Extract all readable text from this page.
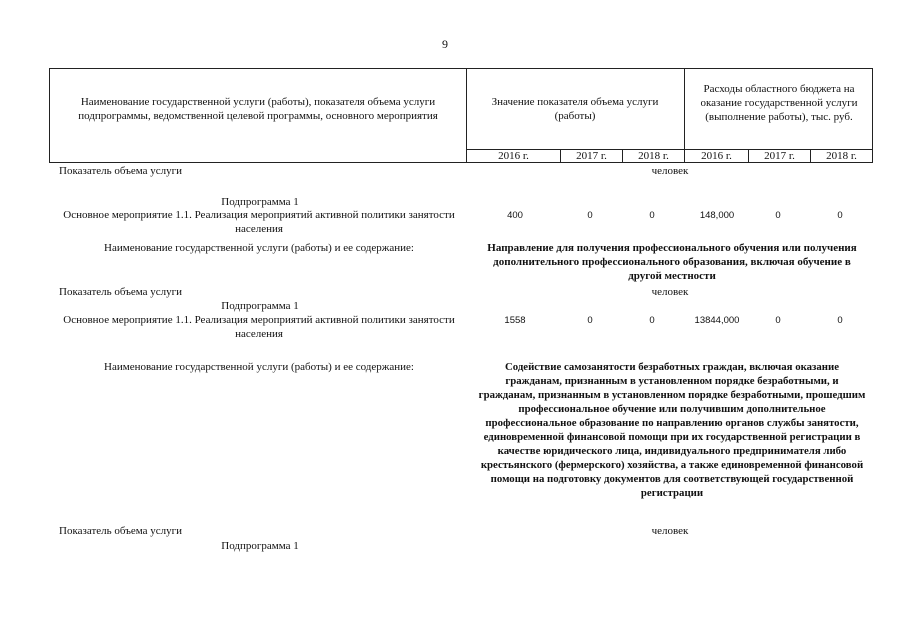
9
Наименование государственной услуги (работы), показателя объема услуги подпрограммы, ведомственной целевой программы, основного мероприятия
Значение показателя объема услуги (работы)
Расходы областного бюджета на оказание государственной услуги (выполнение работы), тыс. руб.
2016 г.	2017 г.	2018 г.	2016 г.	2017 г.	2018 г.
Показатель объема услуги	человек
Подпрограмма 1
Основное мероприятие 1.1. Реализация мероприятий активной политики занятости населения
400	0	0	148,000	0	0
Наименование государственной услуги (работы) и ее содержание:	Направление для получения профессионального обучения или получения дополнительного профессионального образования, включая обучение в другой местности
Показатель объема услуги	человек
Подпрограмма 1
Основное мероприятие 1.1. Реализация мероприятий активной политики занятости населения
1558	0	0	13844,000	0	0
Наименование государственной услуги (работы) и ее содержание:	Содействие самозанятости безработных граждан, включая оказание гражданам, признанным в установленном порядке безработными, и гражданам, признанным в установленном порядке безработными, прошедшим профессиональное обучение или получившим дополнительное профессиональное образование по направлению органов службы занятости, единовременной финансовой помощи при их государственной регистрации в качестве юридического лица, индивидуального предпринимателя либо крестьянского (фермерского) хозяйства, а также единовременной финансовой помощи на подготовку документов для соответствующей государственной регистрации
Показатель объема услуги	человек
Подпрограмма 1
